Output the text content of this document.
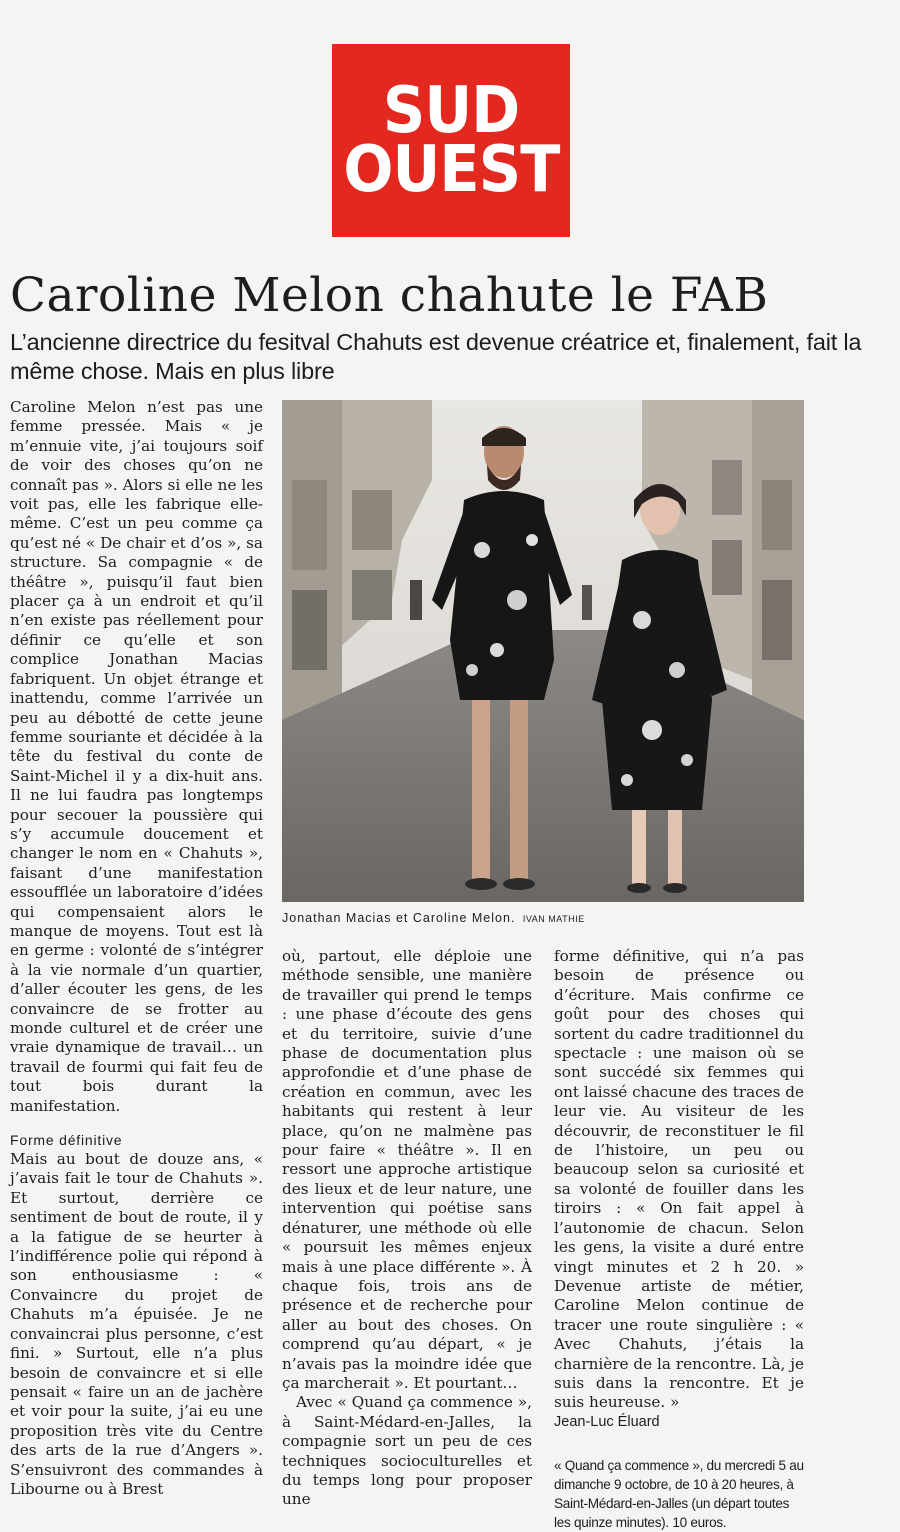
SUD
OUEST
Caroline Melon chahute le FAB

L’ancienne directrice du fesitval Chahuts est devenue créatrice et, finalement, fait la même chose. Mais en plus libre

Jonathan Macias et Caroline Melon. IVAN MATHIE

Caroline Melon n’est pas une femme pressée. Mais « je m’ennuie vite, j’ai toujours soif de voir des choses qu’on ne connaît pas ». Alors si elle ne les voit pas, elle les fabrique elle-même. C’est un peu comme ça qu’est né « De chair et d’os », sa structure. Sa compagnie « de théâtre », puisqu’il faut bien placer ça à un endroit et qu’il n’en existe pas réellement pour définir ce qu’elle et son complice Jonathan Macias fabriquent. Un objet étrange et inattendu, comme l’arrivée un peu au débotté de cette jeune femme souriante et décidée à la tête du festival du conte de Saint-Michel il y a dix-huit ans. Il ne lui faudra pas longtemps pour secouer la poussière qui s’y accumule doucement et changer le nom en « Chahuts », faisant d’une manifestation essoufflée un laboratoire d’idées qui compensaient alors le manque de moyens. Tout est là en germe : volonté de s’intégrer à la vie normale d’un quartier, d’aller écouter les gens, de les convaincre de se frotter au monde culturel et de créer une vraie dynamique de travail… un travail de fourmi qui fait feu de tout bois durant la manifestation.

Forme définitive

Mais au bout de douze ans, « j’avais fait le tour de Chahuts ». Et surtout, derrière ce sentiment de bout de route, il y a la fatigue de se heurter à l’indifférence polie qui répond à son enthousiasme : « Convaincre du projet de Chahuts m’a épuisée. Je ne convaincrai plus personne, c’est fini. » Surtout, elle n’a plus besoin de convaincre et si elle pensait « faire un an de jachère et voir pour la suite, j’ai eu une proposition très vite du Centre des arts de la rue d’Angers ». S’ensuivront des commandes à Libourne ou à Brest

où, partout, elle déploie une méthode sensible, une manière de travailler qui prend le temps : une phase d’écoute des gens et du territoire, suivie d’une phase de documentation plus approfondie et d’une phase de création en commun, avec les habitants qui restent à leur place, qu’on ne malmène pas pour faire « théâtre ». Il en ressort une approche artistique des lieux et de leur nature, une intervention qui poétise sans dénaturer, une méthode où elle « poursuit les mêmes enjeux mais à une place différente ». À chaque fois, trois ans de présence et de recherche pour aller au bout des choses. On comprend qu’au départ, « je n’avais pas la moindre idée que ça marcherait ». Et pourtant…

Avec « Quand ça commence », à Saint-Médard-en-Jalles, la compagnie sort un peu de ces techniques socioculturelles et du temps long pour proposer une

forme définitive, qui n’a pas besoin de présence ou d’écriture. Mais confirme ce goût pour des choses qui sortent du cadre traditionnel du spectacle : une maison où se sont succédé six femmes qui ont laissé chacune des traces de leur vie. Au visiteur de les découvrir, de reconstituer le fil de l’histoire, un peu ou beaucoup selon sa curiosité et sa volonté de fouiller dans les tiroirs : « On fait appel à l’autonomie de chacun. Selon les gens, la visite a duré entre vingt minutes et 2 h 20. » Devenue artiste de métier, Caroline Melon continue de tracer une route singulière : « Avec Chahuts, j’étais la charnière de la rencontre. Là, je suis dans la rencontre. Et je suis heureuse. »

Jean-Luc Éluard

« Quand ça commence », du mercredi 5 au dimanche 9 octobre, de 10 à 20 heures, à Saint-Médard-en-Jalles (un départ toutes les quinze minutes). 10 euros.
